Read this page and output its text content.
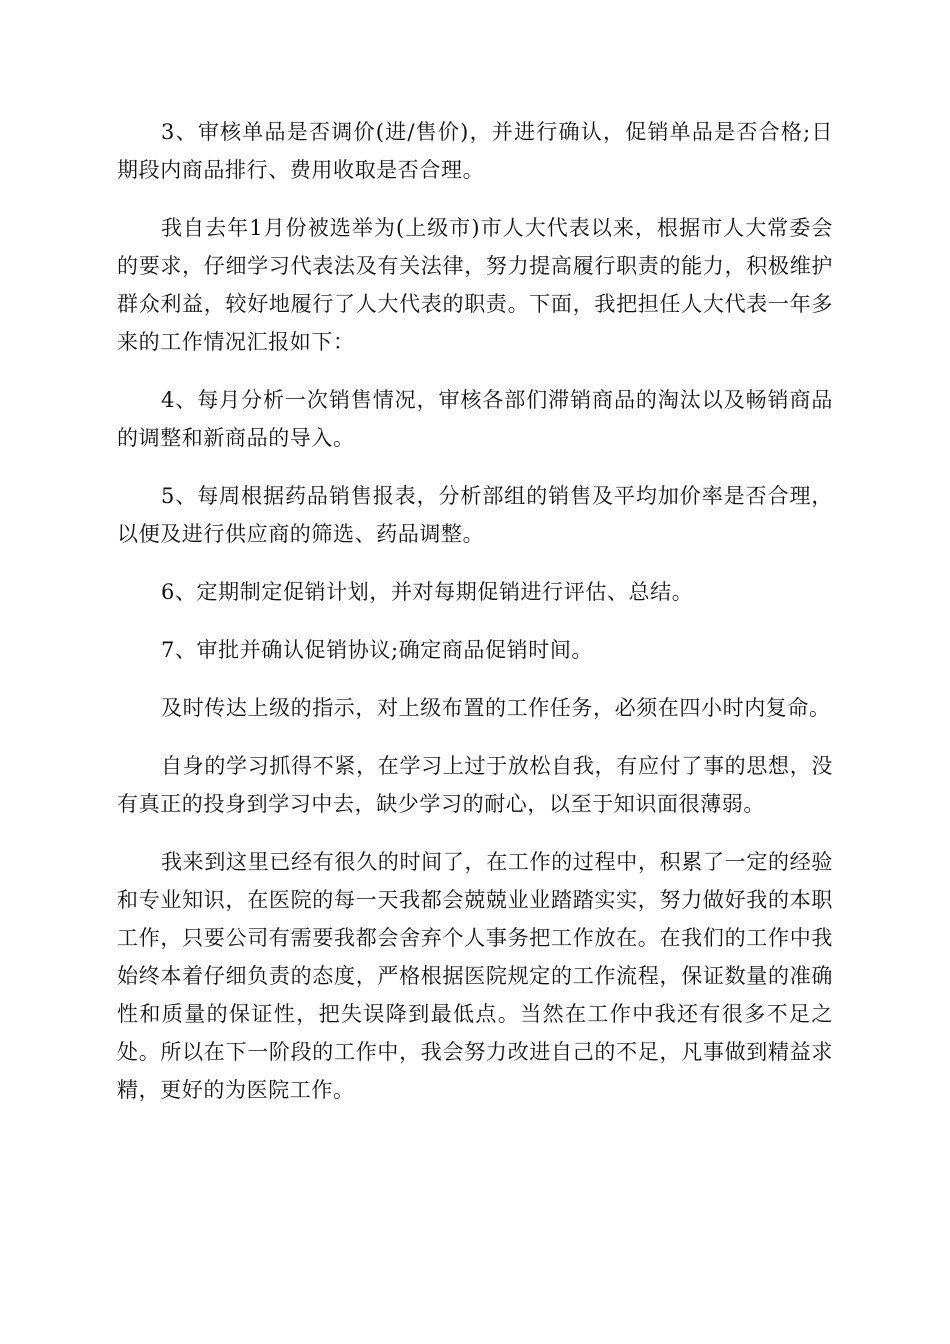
3、审核单品是否调价(进/售价)，并进行确认，促销单品是否合格;日期段内商品排行、费用收取是否合理。

我自去年1月份被选举为(上级市)市人大代表以来，根据市人大常委会的要求，仔细学习代表法及有关法律，努力提高履行职责的能力，积极维护群众利益，较好地履行了人大代表的职责。下面，我把担任人大代表一年多来的工作情况汇报如下：

4、每月分析一次销售情况，审核各部们滞销商品的淘汰以及畅销商品的调整和新商品的导入。

5、每周根据药品销售报表，分析部组的销售及平均加价率是否合理，以便及进行供应商的筛选、药品调整。

6、定期制定促销计划，并对每期促销进行评估、总结。

7、审批并确认促销协议;确定商品促销时间。

及时传达上级的指示，对上级布置的工作任务，必须在四小时内复命。

自身的学习抓得不紧，在学习上过于放松自我，有应付了事的思想，没有真正的投身到学习中去，缺少学习的耐心，以至于知识面很薄弱。

我来到这里已经有很久的时间了，在工作的过程中，积累了一定的经验和专业知识，在医院的每一天我都会兢兢业业踏踏实实，努力做好我的本职工作，只要公司有需要我都会舍弃个人事务把工作放在。在我们的工作中我始终本着仔细负责的态度，严格根据医院规定的工作流程，保证数量的准确性和质量的保证性，把失误降到最低点。当然在工作中我还有很多不足之处。所以在下一阶段的工作中，我会努力改进自己的不足，凡事做到精益求精，更好的为医院工作。
